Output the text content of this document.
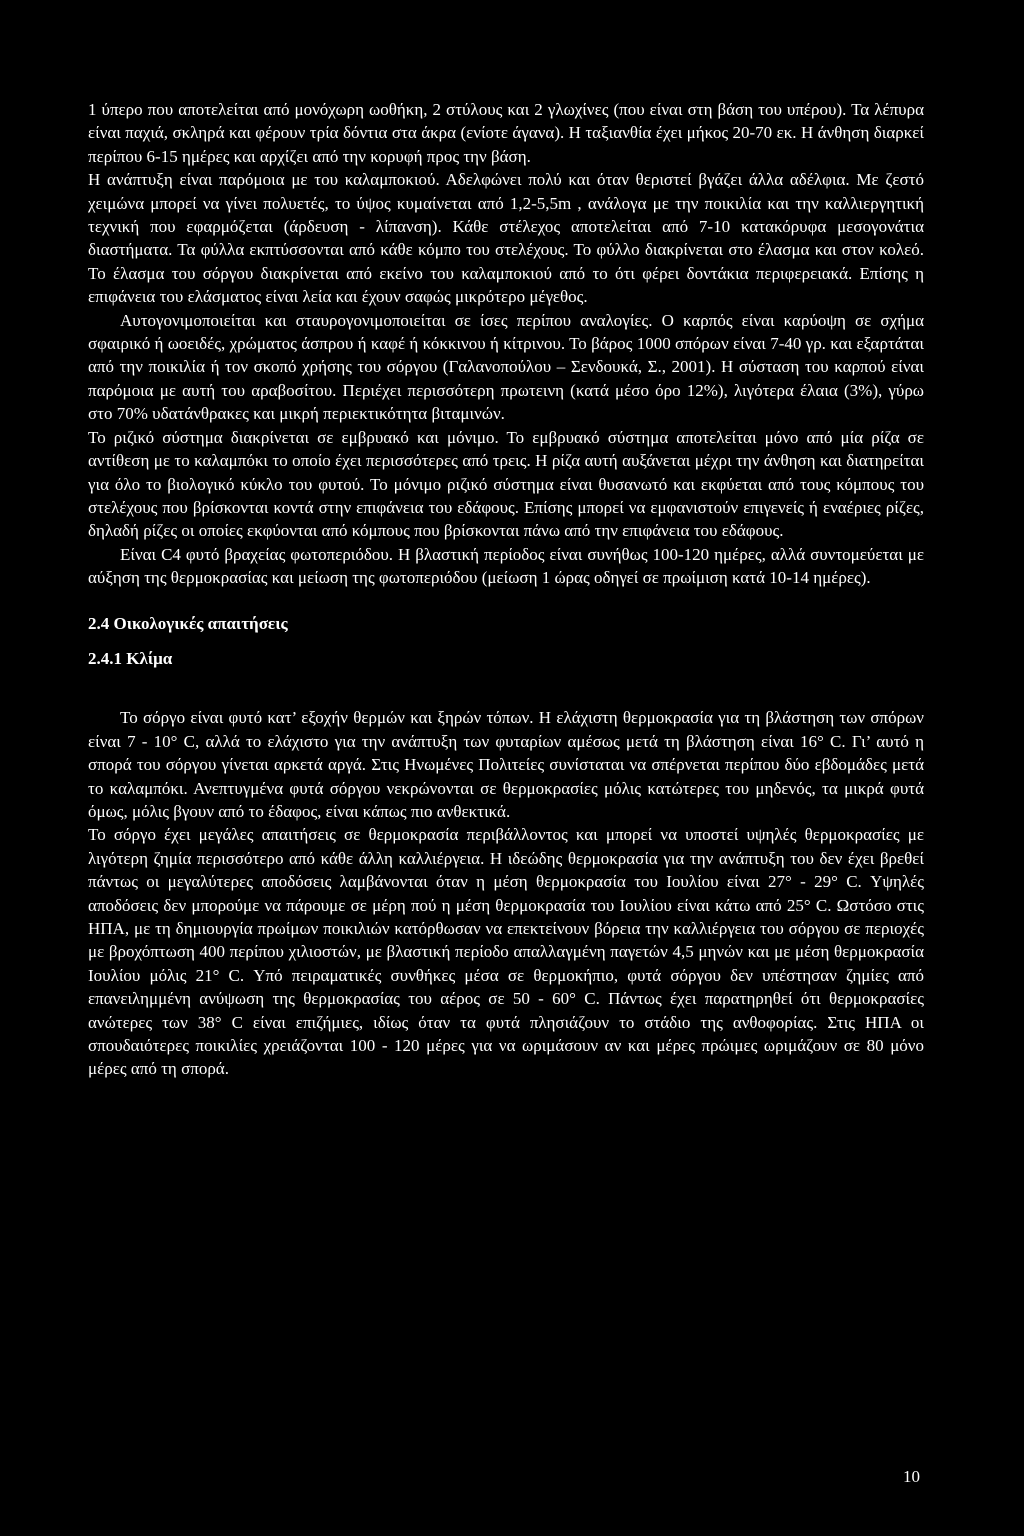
1 ύπερο που αποτελείται από μονόχωρη ωοθήκη, 2 στύλους και 2 γλωχίνες (που είναι στη βάση του υπέρου). Τα λέπυρα είναι παχιά, σκληρά και φέρουν τρία δόντια στα άκρα (ενίοτε άγανα). Η ταξιανθία έχει μήκος 20-70 εκ. Η άνθηση διαρκεί περίπου 6-15 ημέρες και αρχίζει από την κορυφή προς την βάση.

Η ανάπτυξη είναι παρόμοια με του καλαμποκιού. Αδελφώνει πολύ και όταν θεριστεί βγάζει άλλα αδέλφια. Με ζεστό χειμώνα μπορεί να γίνει πολυετές, το ύψος κυμαίνεται από 1,2-5,5m , ανάλογα με την ποικιλία και την καλλιεργητική τεχνική που εφαρμόζεται (άρδευση - λίπανση). Κάθε στέλεχος αποτελείται από 7-10 κατακόρυφα μεσογονάτια διαστήματα. Τα φύλλα εκπτύσσονται από κάθε κόμπο του στελέχους. Το φύλλο διακρίνεται στο έλασμα και στον κολεό. Το έλασμα του σόργου διακρίνεται από εκείνο του καλαμποκιού από το ότι φέρει δοντάκια περιφερειακά. Επίσης η επιφάνεια του ελάσματος είναι λεία και έχουν σαφώς μικρότερο μέγεθος.

Αυτογονιμοποιείται και σταυρογονιμοποιείται σε ίσες περίπου αναλογίες. Ο καρπός είναι καρύοψη σε σχήμα σφαιρικό ή ωοειδές, χρώματος άσπρου ή καφέ ή κόκκινου ή κίτρινου. Το βάρος 1000 σπόρων είναι 7-40 γρ. και εξαρτάται από την ποικιλία ή τον σκοπό χρήσης του σόργου (Γαλανοπούλου – Σενδουκά, Σ., 2001). Η σύσταση του καρπού είναι παρόμοια με αυτή του αραβοσίτου. Περιέχει περισσότερη πρωτεινη (κατά μέσο όρο 12%), λιγότερα έλαια (3%), γύρω στο 70% υδατάνθρακες και μικρή περιεκτικότητα βιταμινών.

Το ριζικό σύστημα διακρίνεται σε εμβρυακό και μόνιμο. Το εμβρυακό σύστημα αποτελείται μόνο από μία ρίζα σε αντίθεση με το καλαμπόκι το οποίο έχει περισσότερες από τρεις. Η ρίζα αυτή αυξάνεται μέχρι την άνθηση και διατηρείται για όλο το βιολογικό κύκλο του φυτού. Το μόνιμο ριζικό σύστημα είναι θυσανωτό και εκφύεται από τους κόμπους του στελέχους που βρίσκονται κοντά στην επιφάνεια του εδάφους. Επίσης μπορεί να εμφανιστούν επιγενείς ή εναέριες ρίζες, δηλαδή ρίζες οι οποίες εκφύονται από κόμπους που βρίσκονται πάνω από την επιφάνεια του εδάφους.

Είναι C4 φυτό βραχείας φωτοπεριόδου. Η βλαστική περίοδος είναι συνήθως 100-120 ημέρες, αλλά συντομεύεται με αύξηση της θερμοκρασίας και μείωση της φωτοπεριόδου (μείωση 1 ώρας οδηγεί σε πρωίμιση κατά 10-14 ημέρες).

2.4 Οικολογικές απαιτήσεις
2.4.1 Κλίμα

Το σόργο είναι φυτό κατ’ εξοχήν θερμών και ξηρών τόπων. Η ελάχιστη θερμοκρασία για τη βλάστηση των σπόρων είναι 7 - 10° C, αλλά το ελάχιστο για την ανάπτυξη των φυταρίων αμέσως μετά τη βλάστηση είναι 16° C. Γι’ αυτό η σπορά του σόργου γίνεται αρκετά αργά. Στις Ηνωμένες Πολιτείες συνίσταται να σπέρνεται περίπου δύο εβδομάδες μετά το καλαμπόκι. Ανεπτυγμένα φυτά σόργου νεκρώνονται σε θερμοκρασίες μόλις κατώτερες του μηδενός, τα μικρά φυτά όμως, μόλις βγουν από το έδαφος, είναι κάπως πιο ανθεκτικά.

Το σόργο έχει μεγάλες απαιτήσεις σε θερμοκρασία περιβάλλοντος και μπορεί να υποστεί υψηλές θερμοκρασίες με λιγότερη ζημία περισσότερο από κάθε άλλη καλλιέργεια. Η ιδεώδης θερμοκρασία για την ανάπτυξη του δεν έχει βρεθεί πάντως οι μεγαλύτερες αποδόσεις λαμβάνονται όταν η μέση θερμοκρασία του Ιουλίου είναι 27° - 29° C. Υψηλές αποδόσεις δεν μπορούμε να πάρουμε σε μέρη πού η μέση θερμοκρασία του Ιουλίου είναι κάτω από 25° C. Ωστόσο στις ΗΠΑ, με τη δημιουργία πρωίμων ποικιλιών κατόρθωσαν να επεκτείνουν βόρεια την καλλιέργεια του σόργου σε περιοχές με βροχόπτωση 400 περίπου χιλιοστών, με βλαστική περίοδο απαλλαγμένη παγετών 4,5 μηνών και με μέση θερμοκρασία Ιουλίου μόλις 21° C. Υπό πειραματικές συνθήκες μέσα σε θερμοκήπιο, φυτά σόργου δεν υπέστησαν ζημίες από επανειλημμένη ανύψωση της θερμοκρασίας του αέρος σε 50 - 60° C. Πάντως έχει παρατηρηθεί ότι θερμοκρασίες ανώτερες των 38° C είναι επιζήμιες, ιδίως όταν τα φυτά πλησιάζουν το στάδιο της ανθοφορίας. Στις ΗΠΑ οι σπουδαιότερες ποικιλίες χρειάζονται 100 - 120 μέρες για να ωριμάσουν αν και μέρες πρώιμες ωριμάζουν σε 80 μόνο μέρες από τη σπορά.

10
